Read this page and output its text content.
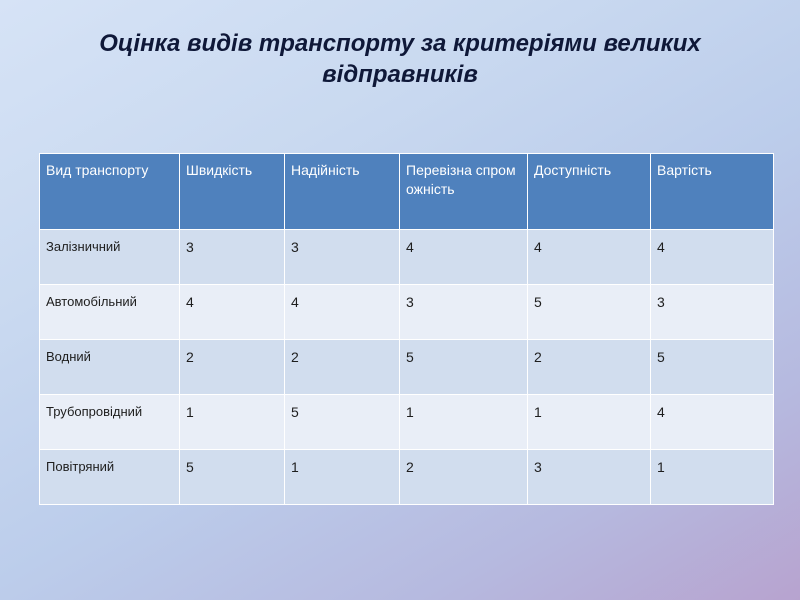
Оцінка видів транспорту за критеріями великих відправників
Вид транспорту	Швидкість	Надійність	Перевізна спроможність	Доступність	Вартість
Залізничний	3	3	4	4	4
Автомобільний	4	4	3	5	3
Водний	2	2	5	2	5
Трубопровідний	1	5	1	1	4
Повітряний	5	1	2	3	1
